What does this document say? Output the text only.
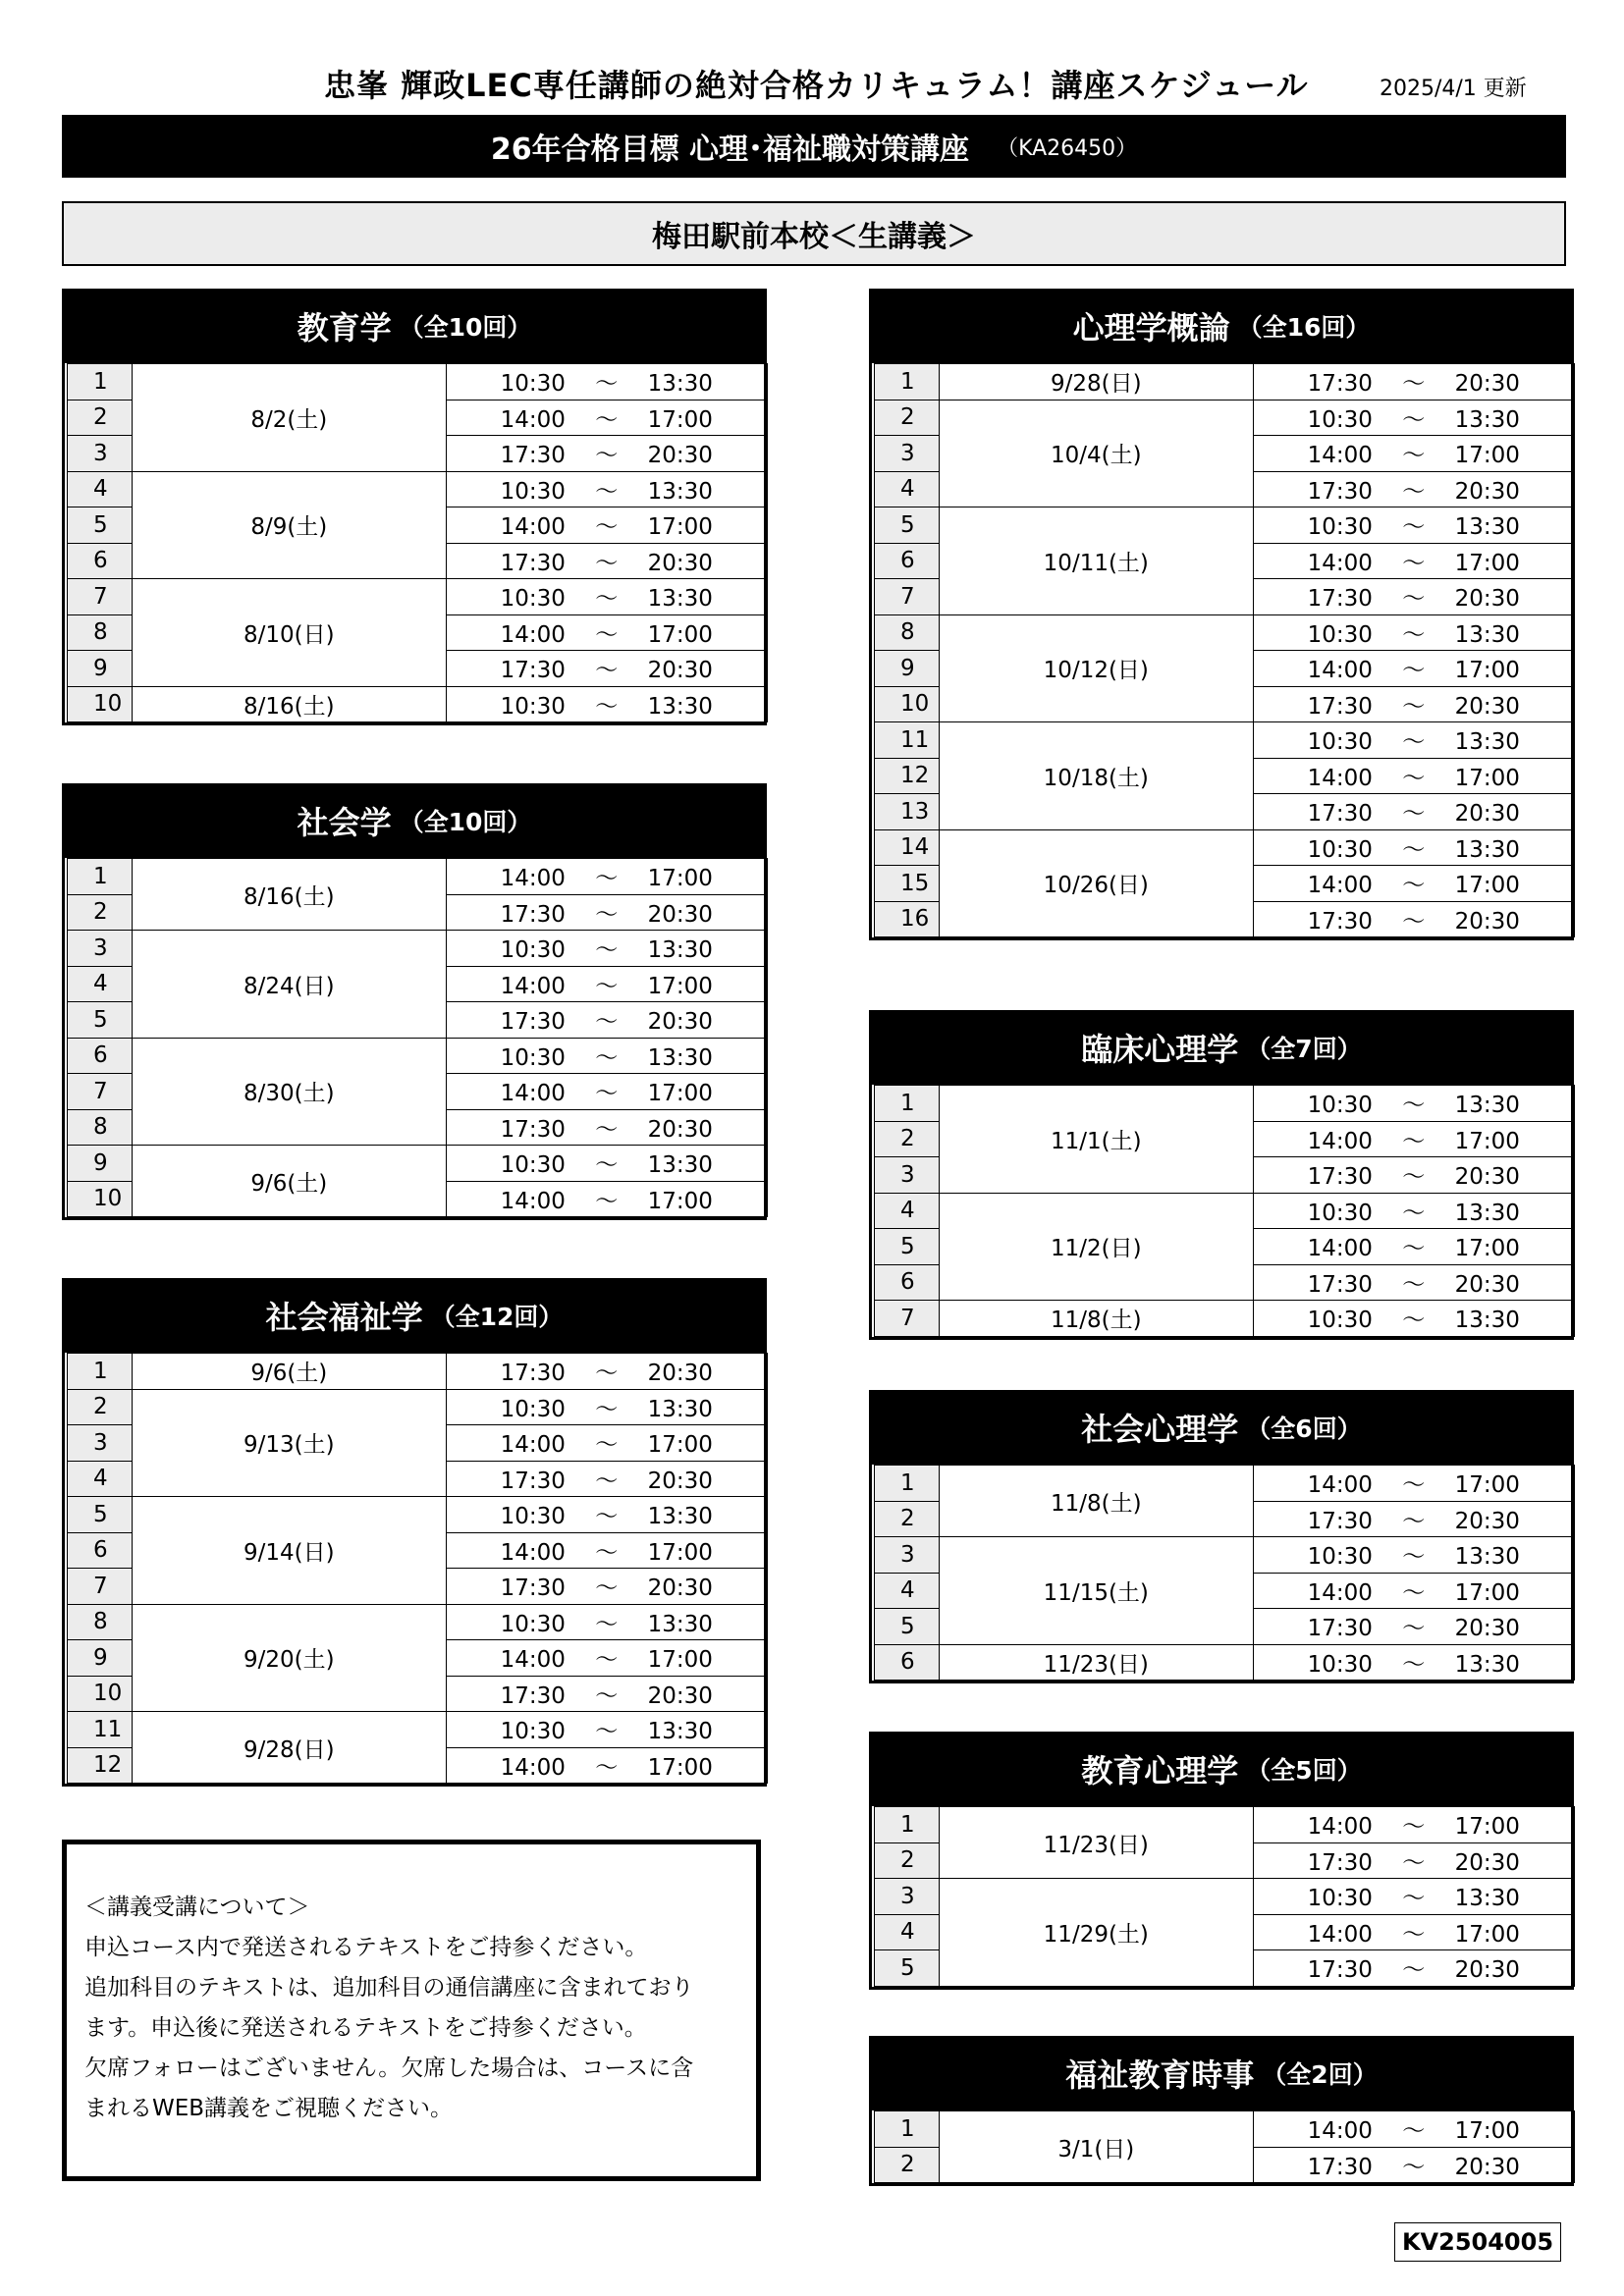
忠峯 輝政LEC専任講師の絶対合格カリキュラム！講座スケジュール	2025/4/1 更新
26年合格目標 心理･福祉職対策講座 （KA26450）
梅田駅前本校＜生講義＞
教育学 （全10回）
1	8/2(土)	10:30 〜 13:30
2		14:00 〜 17:00
3		17:30 〜 20:30
4	8/9(土)	10:30 〜 13:30
5		14:00 〜 17:00
6		17:30 〜 20:30
7	8/10(日)	10:30 〜 13:30
8		14:00 〜 17:00
9		17:30 〜 20:30
10	8/16(土)	10:30 〜 13:30
社会学 （全10回）
1	8/16(土)	14:00 〜 17:00
2		17:30 〜 20:30
3	8/24(日)	10:30 〜 13:30
4		14:00 〜 17:00
5		17:30 〜 20:30
6	8/30(土)	10:30 〜 13:30
7		14:00 〜 17:00
8		17:30 〜 20:30
9	9/6(土)	10:30 〜 13:30
10		14:00 〜 17:00
社会福祉学 （全12回）
1	9/6(土)	17:30 〜 20:30
2	9/13(土)	10:30 〜 13:30
3		14:00 〜 17:00
4		17:30 〜 20:30
5	9/14(日)	10:30 〜 13:30
6		14:00 〜 17:00
7		17:30 〜 20:30
8	9/20(土)	10:30 〜 13:30
9		14:00 〜 17:00
10		17:30 〜 20:30
11	9/28(日)	10:30 〜 13:30
12		14:00 〜 17:00
心理学概論 （全16回）
1	9/28(日)	17:30 〜 20:30
2	10/4(土)	10:30 〜 13:30
3		14:00 〜 17:00
4		17:30 〜 20:30
5	10/11(土)	10:30 〜 13:30
6		14:00 〜 17:00
7		17:30 〜 20:30
8	10/12(日)	10:30 〜 13:30
9		14:00 〜 17:00
10		17:30 〜 20:30
11	10/18(土)	10:30 〜 13:30
12		14:00 〜 17:00
13		17:30 〜 20:30
14	10/26(日)	10:30 〜 13:30
15		14:00 〜 17:00
16		17:30 〜 20:30
臨床心理学 （全7回）
1	11/1(土)	10:30 〜 13:30
2		14:00 〜 17:00
3		17:30 〜 20:30
4	11/2(日)	10:30 〜 13:30
5		14:00 〜 17:00
6		17:30 〜 20:30
7	11/8(土)	10:30 〜 13:30
社会心理学 （全6回）
1	11/8(土)	14:00 〜 17:00
2		17:30 〜 20:30
3	11/15(土)	10:30 〜 13:30
4		14:00 〜 17:00
5		17:30 〜 20:30
6	11/23(日)	10:30 〜 13:30
教育心理学 （全5回）
1	11/23(日)	14:00 〜 17:00
2		17:30 〜 20:30
3	11/29(土)	10:30 〜 13:30
4		14:00 〜 17:00
5		17:30 〜 20:30
福祉教育時事 （全2回）
1	3/1(日)	14:00 〜 17:00
2		17:30 〜 20:30

＜講義受講について＞

申込コース内で発送されるテキストをご持参ください。

追加科目のテキストは、追加科目の通信講座に含まれており

ます。申込後に発送されるテキストをご持参ください。

欠席フォローはございません。欠席した場合は、コースに含

まれるWEB講義をご視聴ください。

KV2504005
